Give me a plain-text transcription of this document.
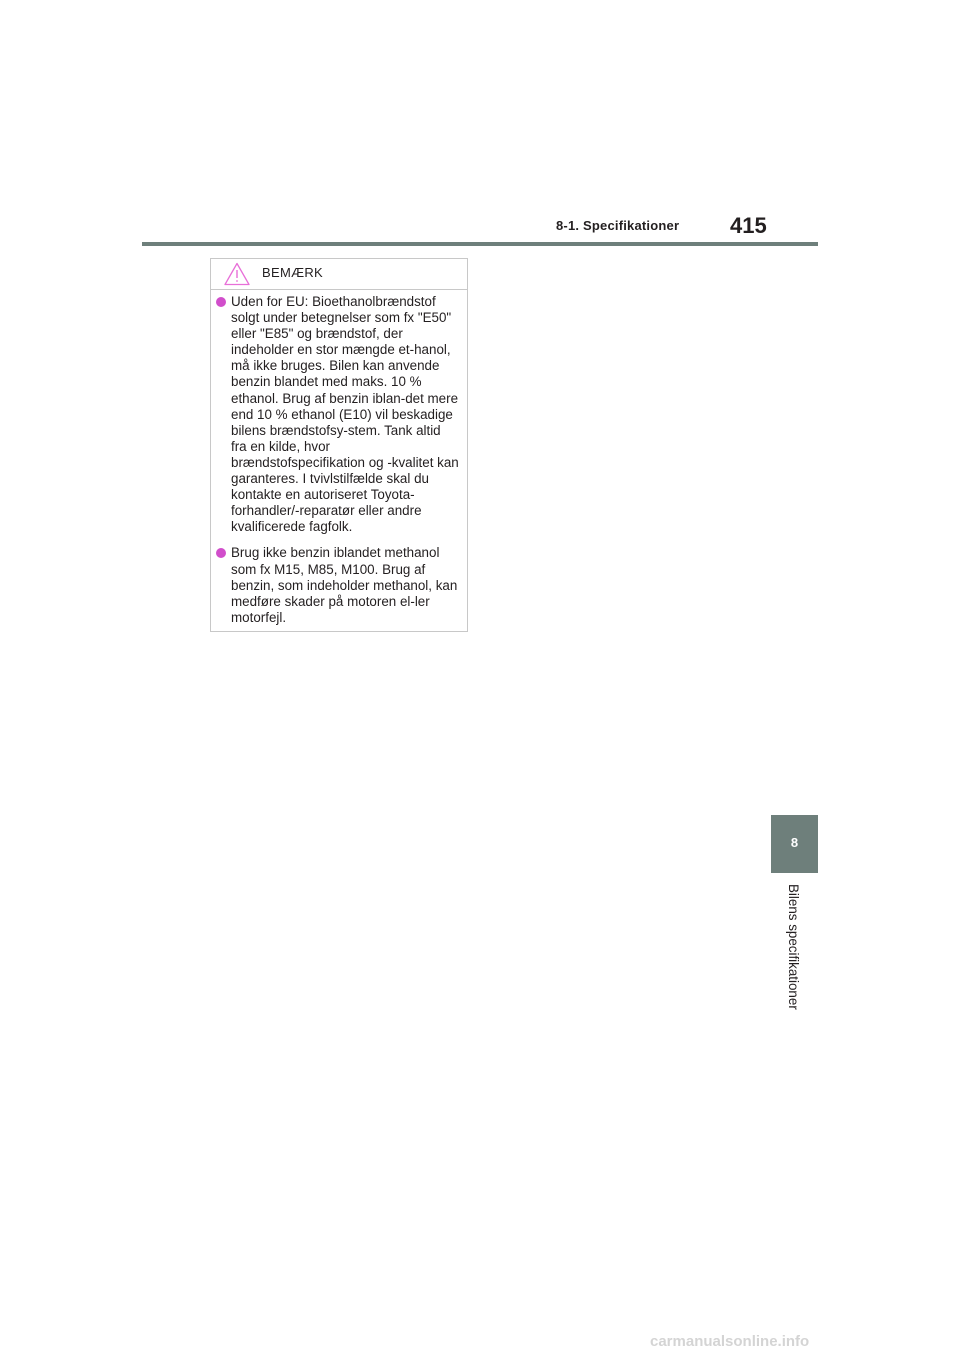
8-1. Specifikationer 415
BEMÆRK
Uden for EU: Bioethanolbrændstof solgt under betegnelser som fx "E50" eller "E85" og brændstof, der indeholder en stor mængde et-hanol, må ikke bruges. Bilen kan anvende benzin blandet med maks. 10 % ethanol. Brug af benzin iblan-det mere end 10 % ethanol (E10) vil beskadige bilens brændstofsy-stem. Tank altid fra en kilde, hvor brændstofspecifikation og -kvalitet kan garanteres. I tvivlstilfælde skal du kontakte en autoriseret Toyota-forhandler/-reparatør eller andre kvalificerede fagfolk.
Brug ikke benzin iblandet methanol som fx M15, M85, M100. Brug af benzin, som indeholder methanol, kan medføre skader på motoren el-ler motorfejl.
8
Bilens specifikationer
carmanualsonline.info
